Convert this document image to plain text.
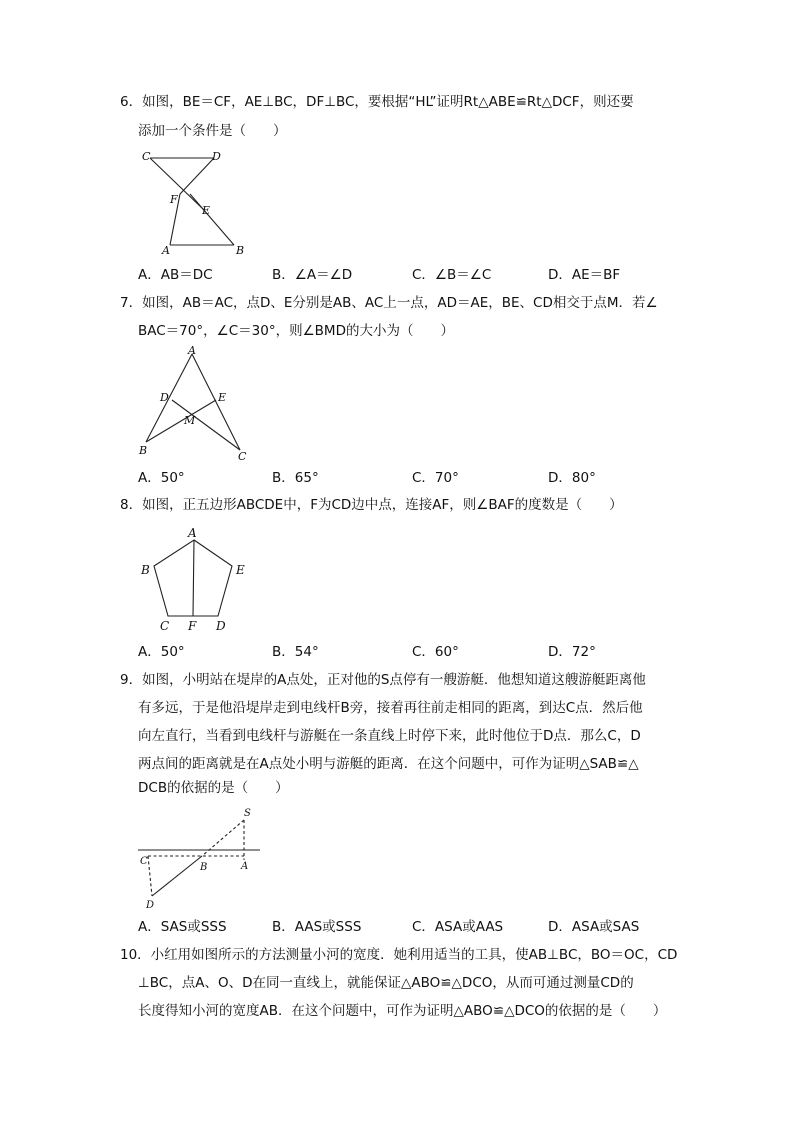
6．如图，BE＝CF，AE⊥BC，DF⊥BC，要根据“HL”证明Rt△ABE≌Rt△DCF，则还要
添加一个条件是（　　）
C	D
F
E
A	B
A．AB＝DC	B．∠A＝∠D	C．∠B＝∠C	D．AE＝BF
7．如图，AB＝AC，点D、E分别是AB、AC上一点，AD＝AE，BE、CD相交于点M．若∠
BAC＝70°，∠C＝30°，则∠BMD的大小为（　　）
A
D	E
M
B	C
A．50°	B．65°	C．70°	D．80°
8．如图，正五边形ABCDE中，F为CD边中点，连接AF，则∠BAF的度数是（　　）
A
B	E
C F D
A．50°	B．54°	C．60°	D．72°
9．如图，小明站在堤岸的A点处，正对他的S点停有一艘游艇．他想知道这艘游艇距离他
有多远，于是他沿堤岸走到电线杆B旁，接着再往前走相同的距离，到达C点．然后他
向左直行，当看到电线杆与游艇在一条直线上时停下来，此时他位于D点．那么C，D
两点间的距离就是在A点处小明与游艇的距离．在这个问题中，可作为证明△SAB≌△
DCB的依据的是（　　）
S
C
B	A
D
A．SAS或SSS	B．AAS或SSS	C．ASA或AAS	D．ASA或SAS
10．小红用如图所示的方法测量小河的宽度．她利用适当的工具，使AB⊥BC，BO＝OC，CD
⊥BC，点A、O、D在同一直线上，就能保证△ABO≌△DCO，从而可通过测量CD的
长度得知小河的宽度AB．在这个问题中，可作为证明△ABO≌△DCO的依据的是（　　）
